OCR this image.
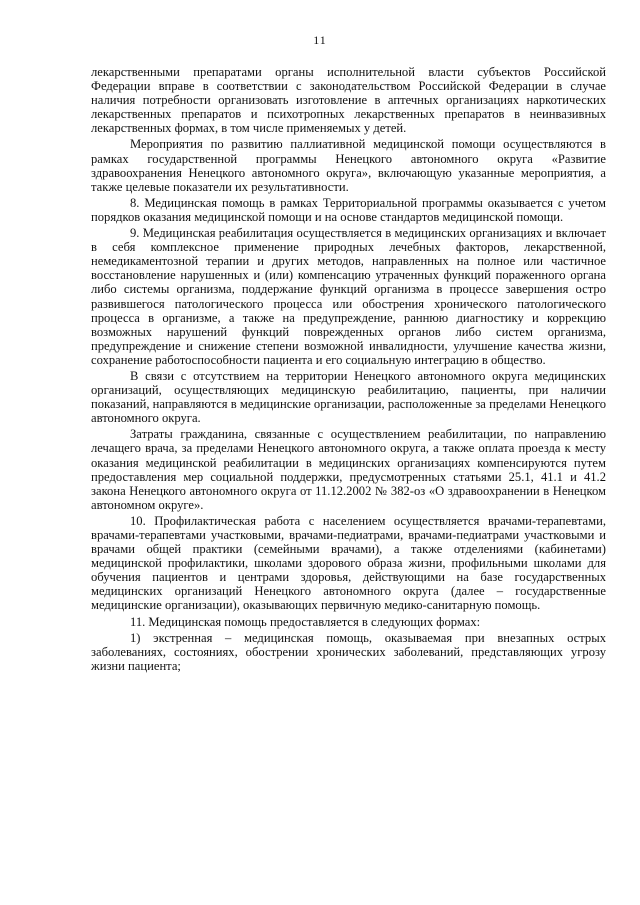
11

лекарственными препаратами органы исполнительной власти субъектов Российской Федерации вправе в соответствии с законодательством Российской Федерации в случае наличия потребности организовать изготовление в аптечных организациях наркотических лекарственных препаратов и психотропных лекарственных препаратов в неинвазивных лекарственных формах, в том числе применяемых у детей.

Мероприятия по развитию паллиативной медицинской помощи осуществляются в рамках государственной программы Ненецкого автономного округа «Развитие здравоохранения Ненецкого автономного округа», включающую указанные мероприятия, а также целевые показатели их результативности.

8. Медицинская помощь в рамках Территориальной программы оказывается с учетом порядков оказания медицинской помощи и на основе стандартов медицинской помощи.

9. Медицинская реабилитация осуществляется в медицинских организациях и включает в себя комплексное применение природных лечебных факторов, лекарственной, немедикаментозной терапии и других методов, направленных на полное или частичное восстановление нарушенных и (или) компенсацию утраченных функций пораженного органа либо системы организма, поддержание функций организма в процессе завершения остро развившегося патологического процесса или обострения хронического патологического процесса в организме, а также на предупреждение, раннюю диагностику и коррекцию возможных нарушений функций поврежденных органов либо систем организма, предупреждение и снижение степени возможной инвалидности, улучшение качества жизни, сохранение работоспособности пациента и его социальную интеграцию в общество.

В связи с отсутствием на территории Ненецкого автономного округа медицинских организаций, осуществляющих медицинскую реабилитацию, пациенты, при наличии показаний, направляются в медицинские организации, расположенные за пределами Ненецкого автономного округа.

Затраты гражданина, связанные с осуществлением реабилитации, по направлению лечащего врача, за пределами Ненецкого автономного округа, а также оплата проезда к месту оказания медицинской реабилитации в медицинских организациях компенсируются путем предоставления мер социальной поддержки, предусмотренных статьями 25.1, 41.1 и 41.2 закона Ненецкого автономного округа от 11.12.2002 № 382-оз «О здравоохранении в Ненецком автономном округе».

10. Профилактическая работа с населением осуществляется врачами-терапевтами, врачами-терапевтами участковыми, врачами-педиатрами, врачами-педиатрами участковыми и врачами общей практики (семейными врачами), а также отделениями (кабинетами) медицинской профилактики, школами здорового образа жизни, профильными школами для обучения пациентов и центрами здоровья, действующими на базе государственных медицинских организаций Ненецкого автономного округа (далее – государственные медицинские организации), оказывающих первичную медико-санитарную помощь.

11. Медицинская помощь предоставляется в следующих формах:

1) экстренная – медицинская помощь, оказываемая при внезапных острых заболеваниях, состояниях, обострении хронических заболеваний, представляющих угрозу жизни пациента;
